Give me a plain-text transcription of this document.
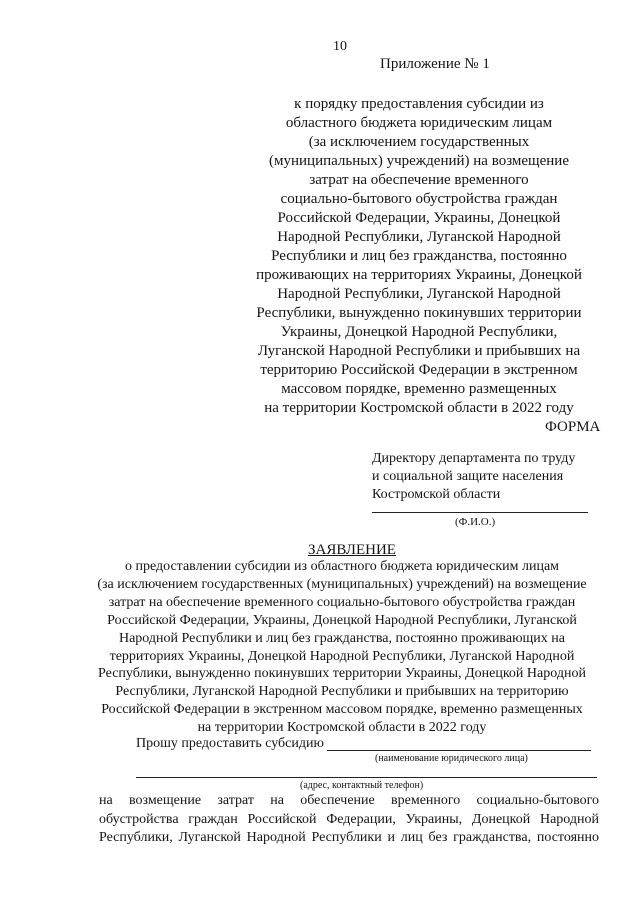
10
Приложение № 1
к порядку предоставления субсидии из
областного бюджета юридическим лицам
(за исключением государственных
(муниципальных) учреждений) на возмещение
затрат на обеспечение временного
социально-бытового обустройства граждан
Российской Федерации, Украины, Донецкой
Народной Республики, Луганской Народной
Республики и лиц без гражданства, постоянно
проживающих на территориях Украины, Донецкой
Народной Республики, Луганской Народной
Республики, вынужденно покинувших территории
Украины, Донецкой Народной Республики,
Луганской Народной Республики и прибывших на
территорию Российской Федерации в экстренном
массовом порядке, временно размещенных
на территории Костромской области в 2022 году
ФОРМА
Директору департамента по труду
и социальной защите населения
Костромской области
(Ф.И.О.)
ЗАЯВЛЕНИЕ
о предоставлении субсидии из областного бюджета юридическим лицам
(за исключением государственных (муниципальных) учреждений) на возмещение
затрат на обеспечение временного социально-бытового обустройства граждан
Российской Федерации, Украины, Донецкой Народной Республики, Луганской
Народной Республики и лиц без гражданства, постоянно проживающих на
территориях Украины, Донецкой Народной Республики, Луганской Народной
Республики, вынужденно покинувших территории Украины, Донецкой Народной
Республики, Луганской Народной Республики и прибывших на территорию
Российской Федерации в экстренном массовом порядке, временно размещенных
на территории Костромской области в 2022 году
Прошу предоставить субсидию
(наименование юридического лица)
(адрес, контактный телефон)
на возмещение затрат на обеспечение временного социально-бытового
обустройства граждан Российской Федерации, Украины, Донецкой Народной
Республики, Луганской Народной Республики и лиц без гражданства, постоянно
